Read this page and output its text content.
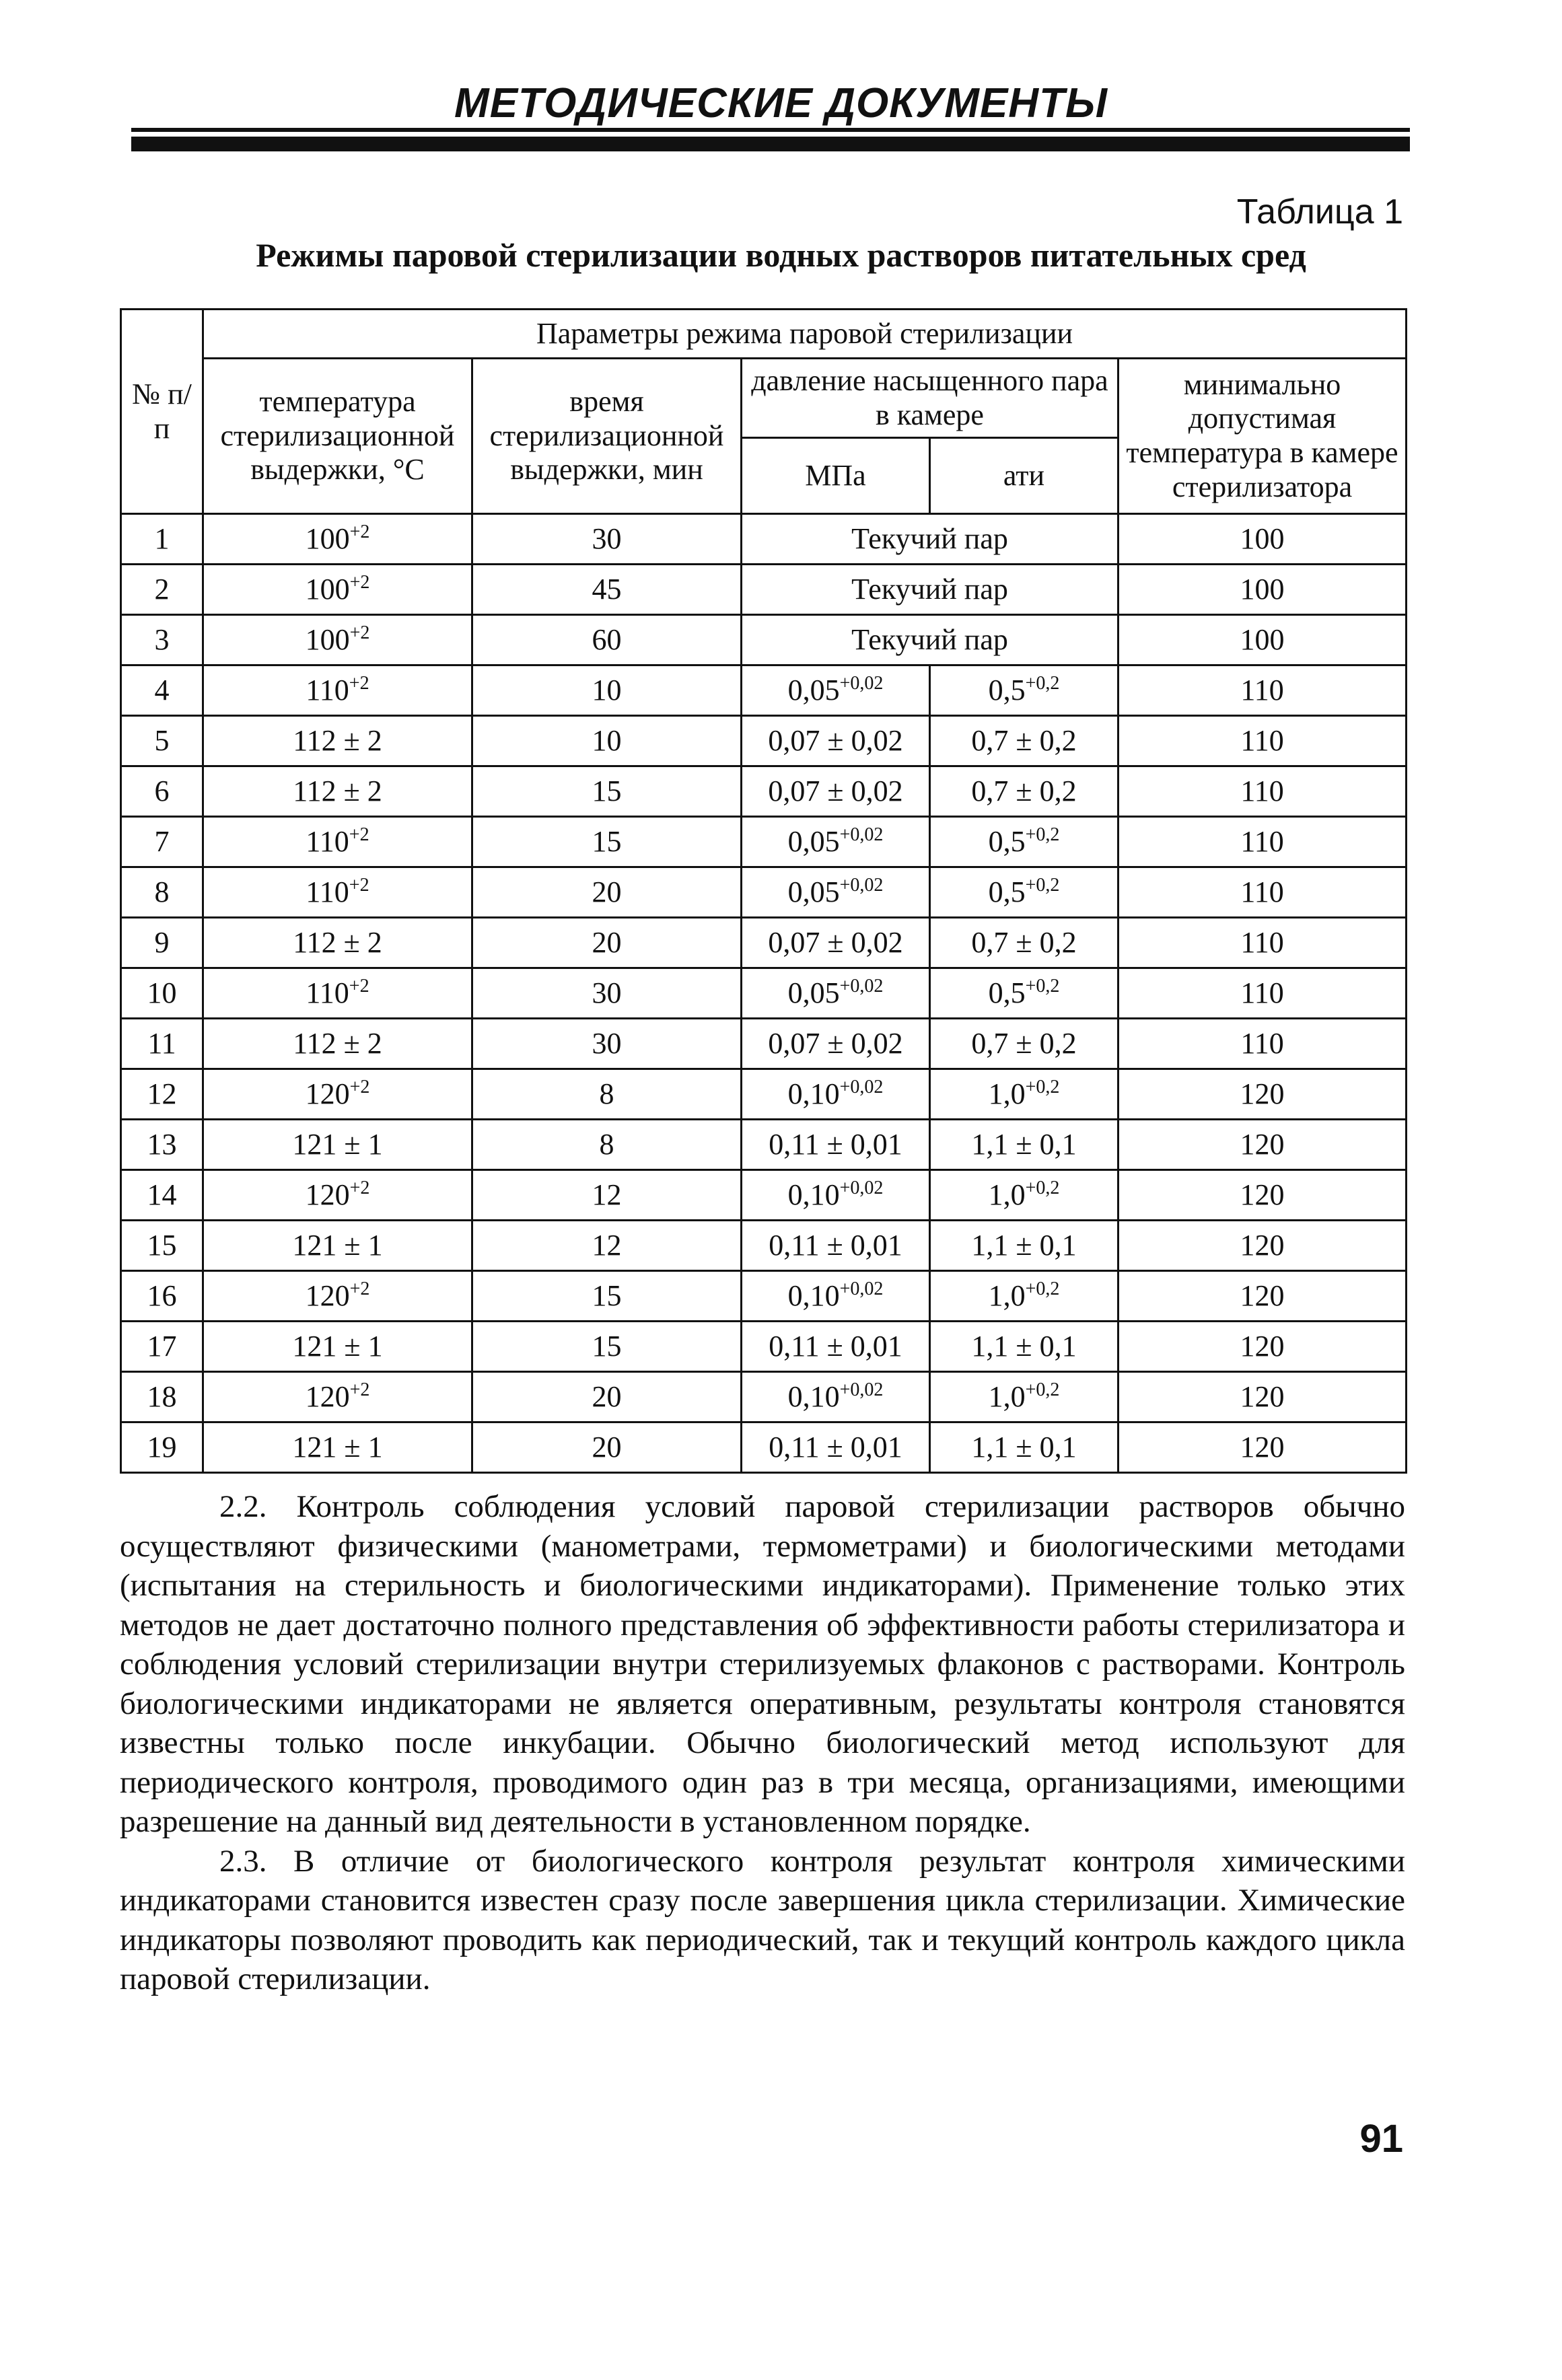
МЕТОДИЧЕСКИЕ ДОКУМЕНТЫ
Таблица 1
Режимы паровой стерилизации водных растворов питательных сред
№ п/п	Параметры режима паровой стерилизации				
	температура стерилизационной выдержки, °С	время стерилизационной выдержки, мин	давление насыщенного пара в камере		минимально допустимая температура в камере стерилизатора
			МПа	ати	
1	$100^{+2}$	30	Текучий пар		100
2	$100^{+2}$	45	Текучий пар		100
3	$100^{+2}$	60	Текучий пар		100
4	$110^{+2}$	10	$0,05^{+0,02}$	$0,5^{+0,2}$	110
5	112 ± 2	10	0,07 ± 0,02	0,7 ± 0,2	110
6	112 ± 2	15	0,07 ± 0,02	0,7 ± 0,2	110
7	$110^{+2}$	15	$0,05^{+0,02}$	$0,5^{+0,2}$	110
8	$110^{+2}$	20	$0,05^{+0,02}$	$0,5^{+0,2}$	110
9	112 ± 2	20	0,07 ± 0,02	0,7 ± 0,2	110
10	$110^{+2}$	30	$0,05^{+0,02}$	$0,5^{+0,2}$	110
11	112 ± 2	30	0,07 ± 0,02	0,7 ± 0,2	110
12	$120^{+2}$	8	$0,10^{+0,02}$	$1,0^{+0,2}$	120
13	121 ± 1	8	0,11 ± 0,01	1,1 ± 0,1	120
14	$120^{+2}$	12	$0,10^{+0,02}$	$1,0^{+0,2}$	120
15	121 ± 1	12	0,11 ± 0,01	1,1 ± 0,1	120
16	$120^{+2}$	15	$0,10^{+0,02}$	$1,0^{+0,2}$	120
17	121 ± 1	15	0,11 ± 0,01	1,1 ± 0,1	120
18	$120^{+2}$	20	$0,10^{+0,02}$	$1,0^{+0,2}$	120
19	121 ± 1	20	0,11 ± 0,01	1,1 ± 0,1	120

2.2. Контроль соблюдения условий паровой стерилизации растворов обычно осуществляют физическими (манометрами, термометрами) и биологическими методами (испытания на стерильность и биологическими индикаторами). Применение только этих методов не дает достаточно полного представления об эффективности работы стерилизатора и соблюдения условий стерилизации внутри стерилизуемых флаконов с растворами. Контроль биологическими индикаторами не является оперативным, результаты контроля становятся известны только после инкубации. Обычно биологический метод используют для периодического контроля, проводимого один раз в три месяца, организациями, имеющими разрешение на данный вид деятельности в установленном порядке.

2.3. В отличие от биологического контроля результат контроля химическими индикаторами становится известен сразу после завершения цикла стерилизации. Химические индикаторы позволяют проводить как периодический, так и текущий контроль каждого цикла паровой стерилизации.

91
